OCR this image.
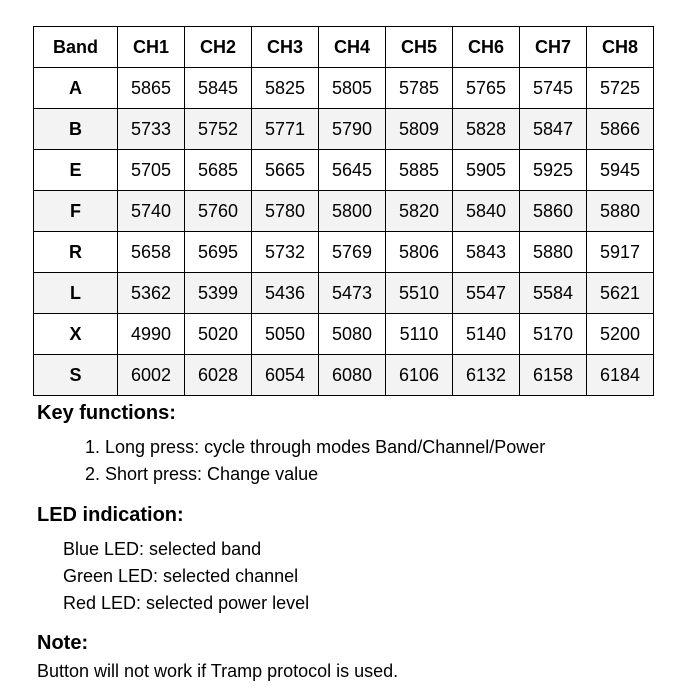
Band	CH1	CH2	CH3	CH4	CH5	CH6	CH7	CH8
A	5865	5845	5825	5805	5785	5765	5745	5725
B	5733	5752	5771	5790	5809	5828	5847	5866
E	5705	5685	5665	5645	5885	5905	5925	5945
F	5740	5760	5780	5800	5820	5840	5860	5880
R	5658	5695	5732	5769	5806	5843	5880	5917
L	5362	5399	5436	5473	5510	5547	5584	5621
X	4990	5020	5050	5080	5110	5140	5170	5200
S	6002	6028	6054	6080	6106	6132	6158	6184
Key functions:
1. Long press: cycle through modes Band/Channel/Power
2. Short press: Change value
LED indication:
Blue LED: selected band
Green LED: selected channel
Red LED: selected power level
Note:
Button will not work if Tramp protocol is used.
